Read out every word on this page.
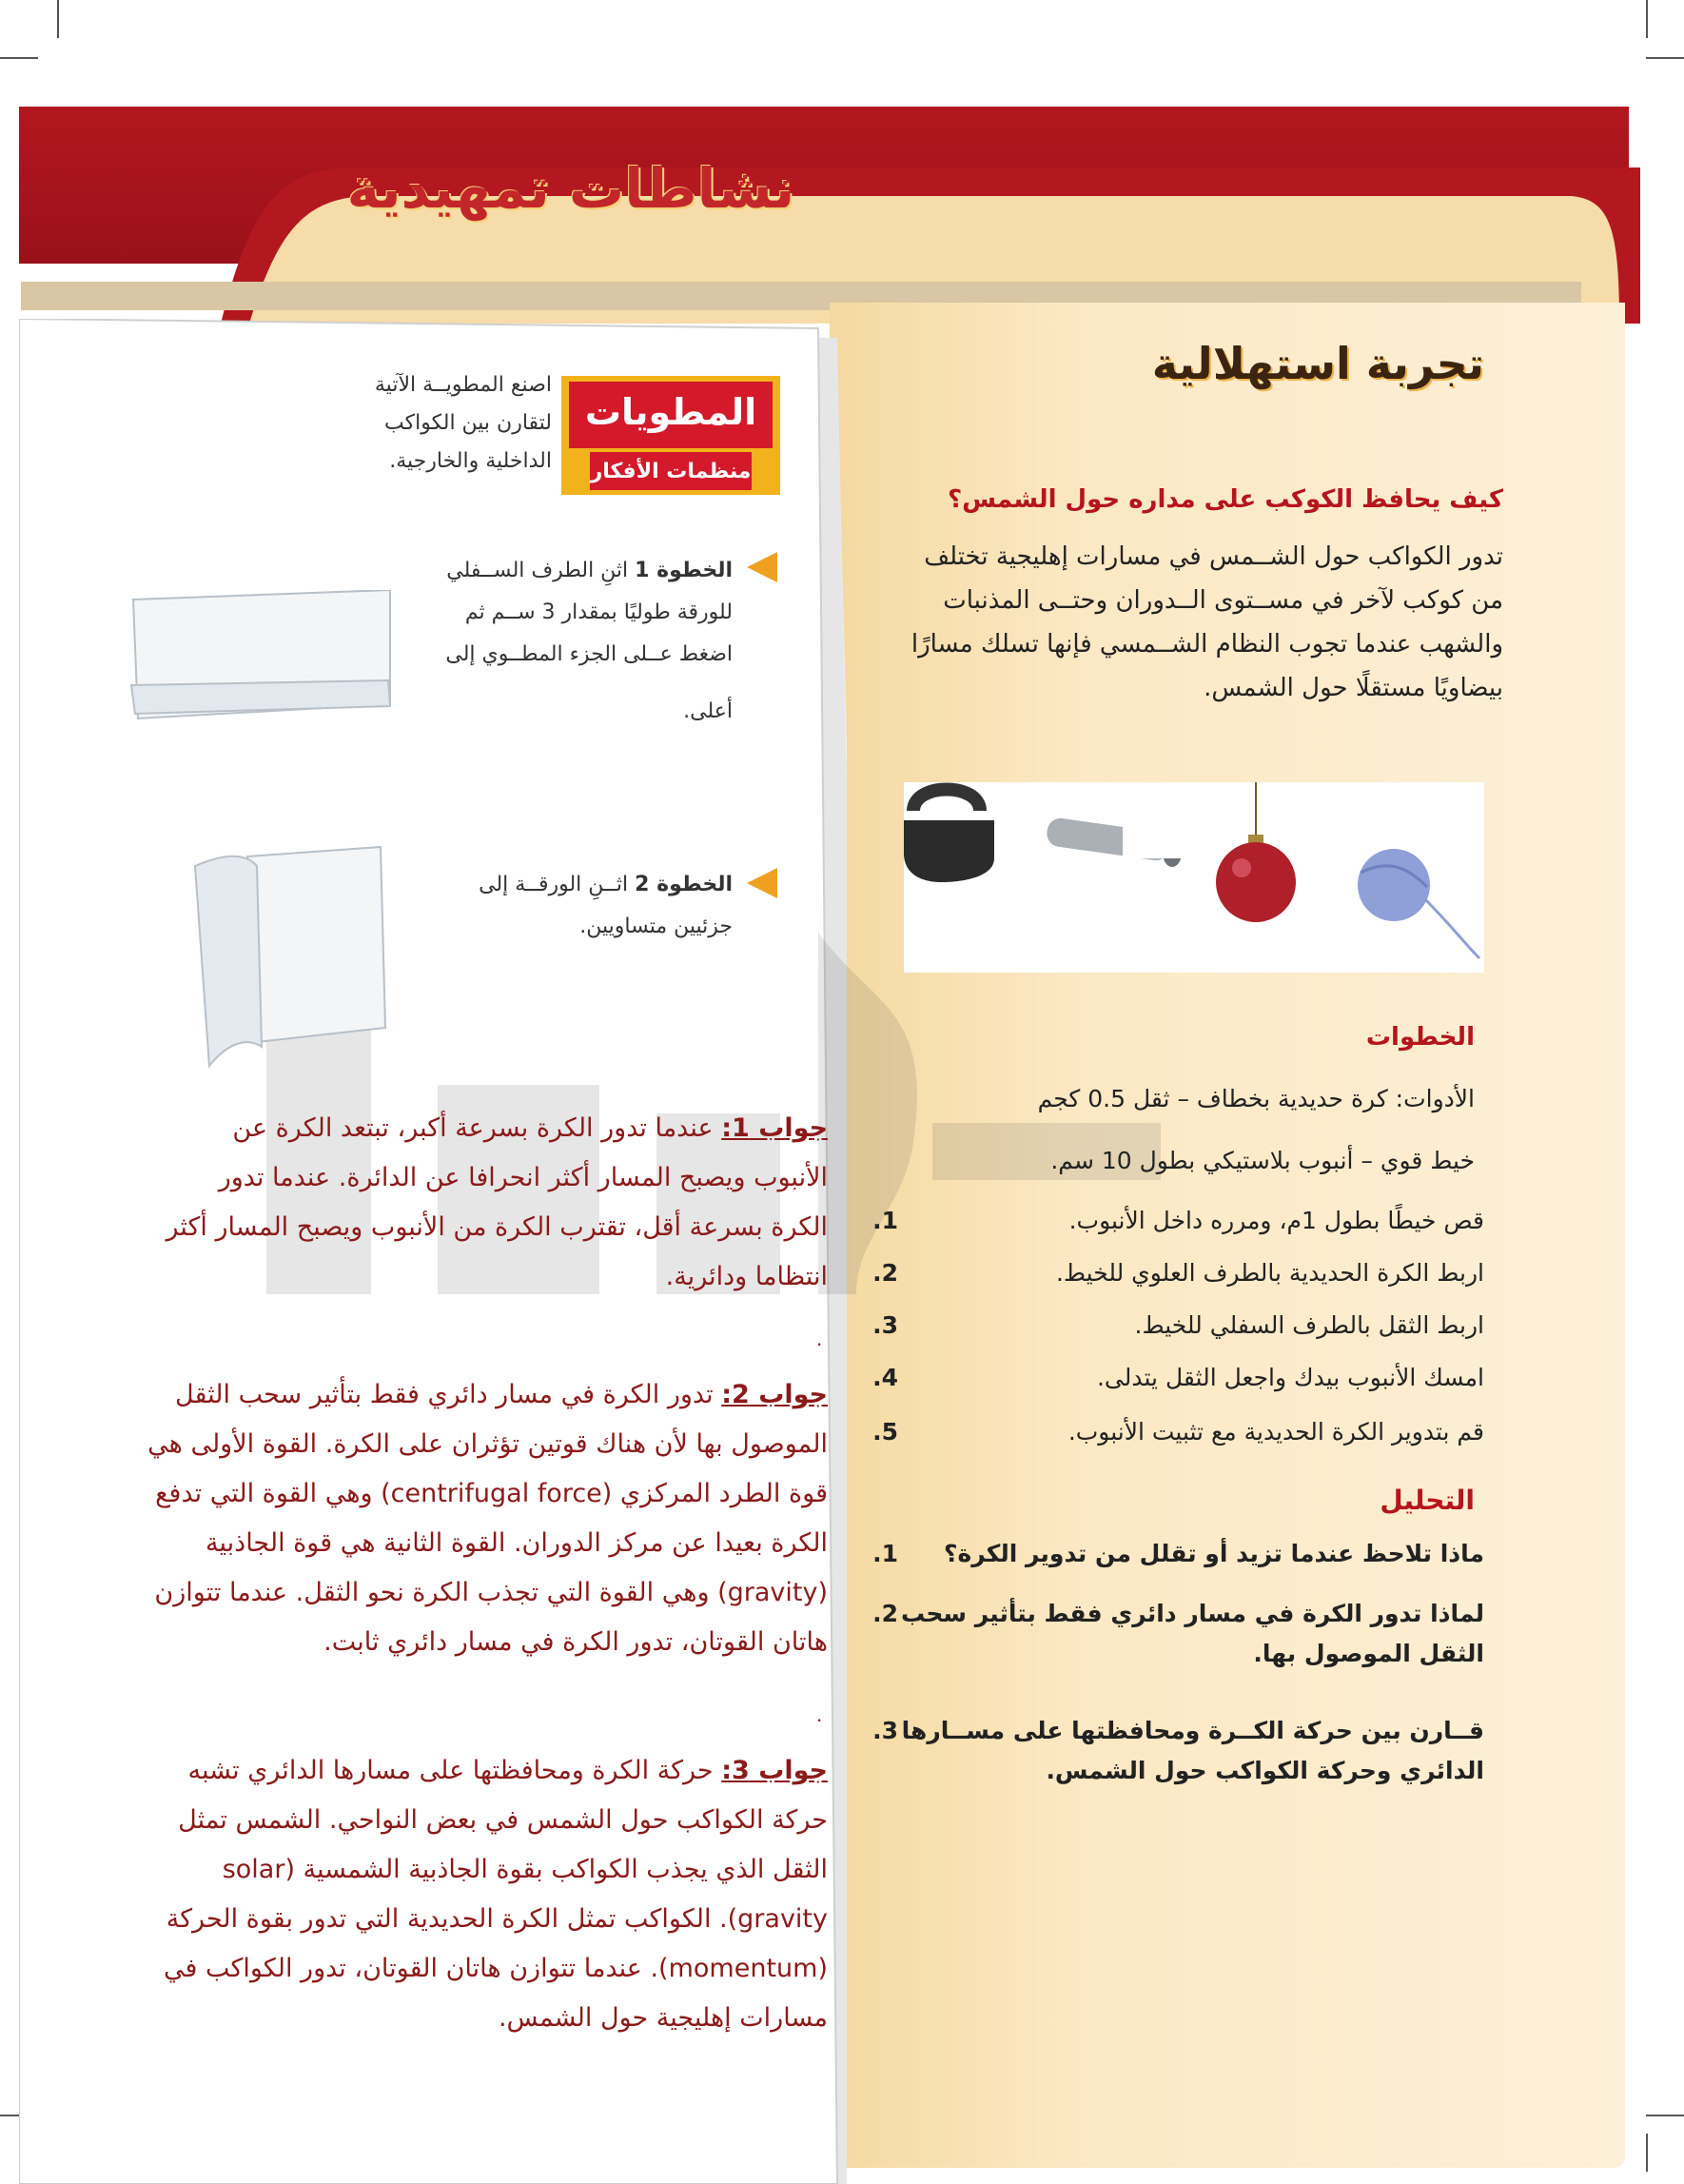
نشاطات تمهيدية
تجربة استهلالية
كيف يحافظ الكوكب على مداره حول الشمس؟
تدور الكواكب حول الشــمس في مسارات إهليجية تختلف
من كوكب لآخر في مســتوى الــدوران وحتــى المذنبات
والشهب عندما تجوب النظام الشــمسي فإنها تسلك مسارًا
بيضاويًا مستقلًا حول الشمس.
الخطوات
الأدوات: كرة حديدية بخطاف – ثقل 0.5 كجم
خيط قوي – أنبوب بلاستيكي بطول 10 سم.
1.	قص خيطًا بطول 1م، ومرره داخل الأنبوب.
2.	اربط الكرة الحديدية بالطرف العلوي للخيط.
3.	اربط الثقل بالطرف السفلي للخيط.
4.	امسك الأنبوب بيدك واجعل الثقل يتدلى.
5.	قم بتدوير الكرة الحديدية مع تثبيت الأنبوب.
التحليل
1.	ماذا تلاحظ عندما تزيد أو تقلل من تدوير الكرة؟
2. لماذا تدور الكرة في مسار دائري فقط بتأثير سحب الثقل الموصول بها.
3. قــارن بين حركة الكــرة ومحافظتها على مســارها الدائري وحركة الكواكب حول الشمس.
المطويات
منظمات الأفكار
اصنع المطويــة الآتية لتقارن بين الكواكب
الداخلية والخارجية.
الخطوة 1 اثنِ الطرف الســفلي
للورقة طوليًا بمقدار 3 ســم ثم
اضغط عــلى الجزء المطــوي إلى
أعلى.
الخطوة 2 اثــنِ الورقــة إلى
جزئيين متساويين.
جواب 1: عندما تدور الكرة بسرعة أكبر، تبتعد الكرة عن
الأنبوب ويصبح المسار أكثر انحرافا عن الدائرة. عندما تدور
الكرة بسرعة أقل، تقترب الكرة من الأنبوب ويصبح المسار أكثر
انتظاما ودائرية.
.
جواب 2: تدور الكرة في مسار دائري فقط بتأثير سحب الثقل
الموصول بها لأن هناك قوتين تؤثران على الكرة. القوة الأولى هي
قوة الطرد المركزي (centrifugal force) وهي القوة التي تدفع
الكرة بعيدا عن مركز الدوران. القوة الثانية هي قوة الجاذبية
(gravity) وهي القوة التي تجذب الكرة نحو الثقل. عندما تتوازن
هاتان القوتان، تدور الكرة في مسار دائري ثابت.
.
جواب 3: حركة الكرة ومحافظتها على مسارها الدائري تشبه
حركة الكواكب حول الشمس في بعض النواحي. الشمس تمثل
الثقل الذي يجذب الكواكب بقوة الجاذبية الشمسية (solar
gravity). الكواكب تمثل الكرة الحديدية التي تدور بقوة الحركة
(momentum). عندما تتوازن هاتان القوتان، تدور الكواكب في
مسارات إهليجية حول الشمس.
